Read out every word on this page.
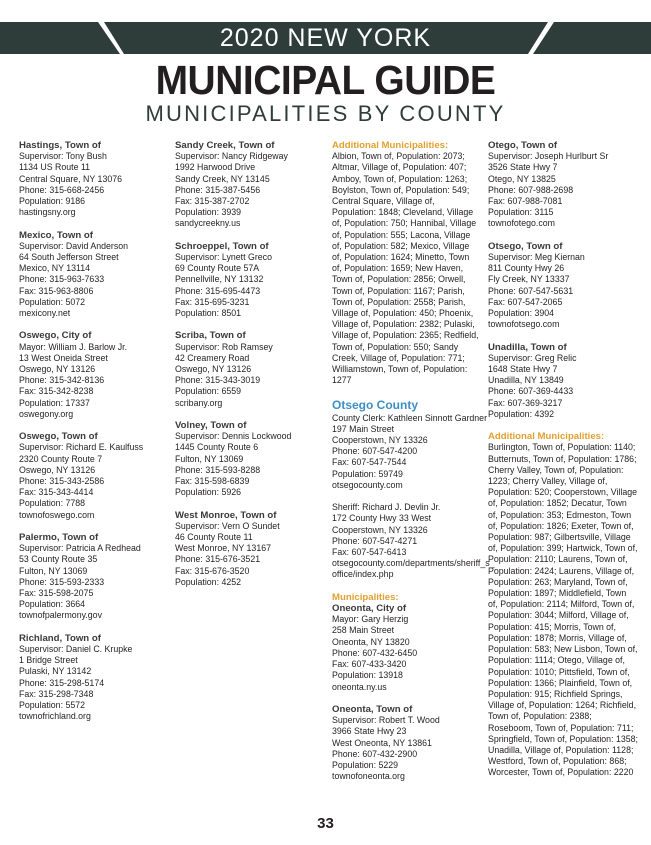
2020 NEW YORK
MUNICIPAL GUIDE
MUNICIPALITIES BY COUNTY
Hastings, Town of
Supervisor: Tony Bush
1134 US Route 11
Central Square, NY 13076
Phone: 315-668-2456
Population: 9186
hastingsny.org
Mexico, Town of
Supervisor: David Anderson
64 South Jefferson Street
Mexico, NY 13114
Phone: 315-963-7633
Fax: 315-963-8806
Population: 5072
mexicony.net
Oswego, City of
Mayor: William J. Barlow Jr.
13 West Oneida Street
Oswego, NY 13126
Phone: 315-342-8136
Fax: 315-342-8238
Population: 17337
oswegony.org
Oswego, Town of
Supervisor: Richard E. Kaulfuss
2320 County Route 7
Oswego, NY 13126
Phone: 315-343-2586
Fax: 315-343-4414
Population: 7788
townofoswego.com
Palermo, Town of
Supervisor: Patricia A Redhead
53 County Route 35
Fulton, NY 13069
Phone: 315-593-2333
Fax: 315-598-2075
Population: 3664
townofpalermony.gov
Richland, Town of
Supervisor: Daniel C. Krupke
1 Bridge Street
Pulaski, NY 13142
Phone: 315-298-5174
Fax: 315-298-7348
Population: 5572
townofrichland.org
Sandy Creek, Town of
Supervisor: Nancy Ridgeway
1992 Harwood Drive
Sandy Creek, NY 13145
Phone: 315-387-5456
Fax: 315-387-2702
Population: 3939
sandycreekny.us
Schroeppel, Town of
Supervisor: Lynett Greco
69 County Route 57A
Pennellville, NY 13132
Phone: 315-695-4473
Fax: 315-695-3231
Population: 8501
Scriba, Town of
Supervisor: Rob Ramsey
42 Creamery Road
Oswego, NY 13126
Phone: 315-343-3019
Population: 6559
scribany.org
Volney, Town of
Supervisor: Dennis Lockwood
1445 County Route 6
Fulton, NY 13069
Phone: 315-593-8288
Fax: 315-598-6839
Population: 5926
West Monroe, Town of
Supervisor: Vern O Sundet
46 County Route 11
West Monroe, NY 13167
Phone: 315-676-3521
Fax: 315-676-3520
Population: 4252
Additional Municipalities:
Albion, Town of, Population: 2073; Altmar, Village of, Population: 407; Amboy, Town of, Population: 1263; Boylston, Town of, Population: 549; Central Square, Village of, Population: 1848; Cleveland, Village of, Population: 750; Hannibal, Village of, Population: 555; Lacona, Village of, Population: 582; Mexico, Village of, Population: 1624; Minetto, Town of, Population: 1659; New Haven, Town of, Population: 2856; Orwell, Town of, Population: 1167; Parish, Town of, Population: 2558; Parish, Village of, Population: 450; Phoenix, Village of, Population: 2382; Pulaski, Village of, Population: 2365; Redfield, Town of, Population: 550; Sandy Creek, Village of, Population: 771; Williamstown, Town of, Population: 1277
Otsego County
County Clerk: Kathleen Sinnott Gardner
197 Main Street
Cooperstown, NY 13326
Phone: 607-547-4200
Fax: 607-547-7544
Population: 59749
otsegocounty.com
Sheriff: Richard J. Devlin Jr.
172 County Hwy 33 West
Cooperstown, NY 13326
Phone: 607-547-4271
Fax: 607-547-6413
otsegocounty.com/departments/sheriff_s_
office/index.php
Municipalities:
Oneonta, City of
Mayor: Gary Herzig
258 Main Street
Oneonta, NY 13820
Phone: 607-432-6450
Fax: 607-433-3420
Population: 13918
oneonta.ny.us
Oneonta, Town of
Supervisor: Robert T. Wood
3966 State Hwy 23
West Oneonta, NY 13861
Phone: 607-432-2900
Population: 5229
townofoneonta.org
Otego, Town of
Supervisor: Joseph Hurlburt Sr
3526 State Hwy 7
Otego, NY 13825
Phone: 607-988-2698
Fax: 607-988-7081
Population: 3115
townofotego.com
Otsego, Town of
Supervisor: Meg Kiernan
811 County Hwy 26
Fly Creek, NY 13337
Phone: 607-547-5631
Fax: 607-547-2065
Population: 3904
townofotsego.com
Unadilla, Town of
Supervisor: Greg Relic
1648 State Hwy 7
Unadilla, NY 13849
Phone: 607-369-4433
Fax: 607-369-3217
Population: 4392
Additional Municipalities:
Burlington, Town of, Population: 1140; Butternuts, Town of, Population: 1786; Cherry Valley, Town of, Population: 1223; Cherry Valley, Village of, Population: 520; Cooperstown, Village of, Population: 1852; Decatur, Town of, Population: 353; Edmeston, Town of, Population: 1826; Exeter, Town of, Population: 987; Gilbertsville, Village of, Population: 399; Hartwick, Town of, Population: 2110; Laurens, Town of, Population: 2424; Laurens, Village of, Population: 263; Maryland, Town of, Population: 1897; Middlefield, Town of, Population: 2114; Milford, Town of, Population: 3044; Milford, Village of, Population: 415; Morris, Town of, Population: 1878; Morris, Village of, Population: 583; New Lisbon, Town of, Population: 1114; Otego, Village of, Population: 1010; Pittsfield, Town of, Population: 1366; Plainfield, Town of, Population: 915; Richfield Springs, Village of, Population: 1264; Richfield, Town of, Population: 2388; Roseboom, Town of, Population: 711; Springfield, Town of, Population: 1358; Unadilla, Village of, Population: 1128; Westford, Town of, Population: 868; Worcester, Town of, Population: 2220
33
